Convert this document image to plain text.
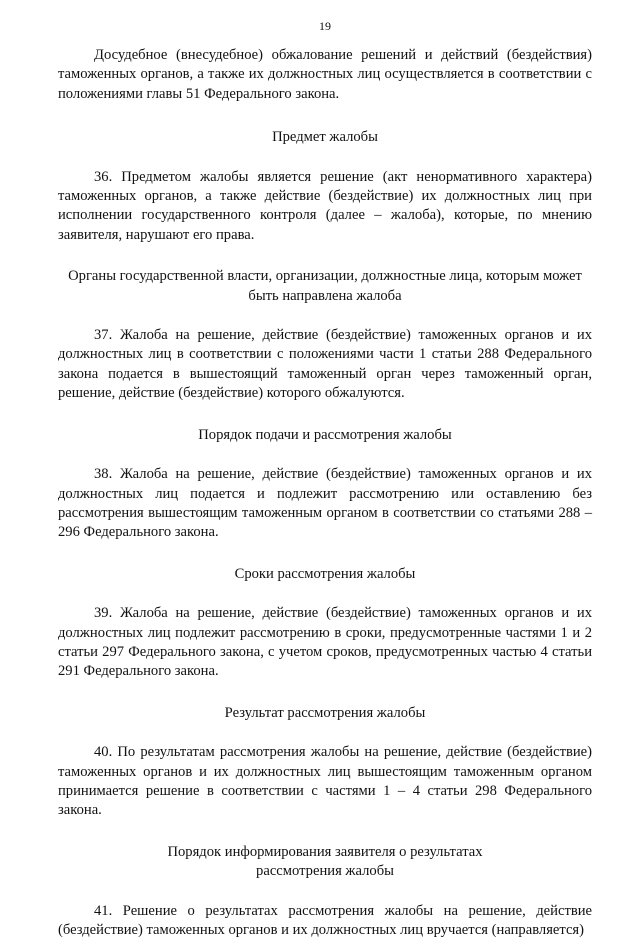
19

Досудебное (внесудебное) обжалование решений и действий (бездействия) таможенных органов, а также их должностных лиц осуществляется в соответствии с положениями главы 51 Федерального закона.

Предмет жалобы

36. Предметом жалобы является решение (акт ненормативного характера) таможенных органов, а также действие (бездействие) их должностных лиц при исполнении государственного контроля (далее – жалоба), которые, по мнению заявителя, нарушают его права.

Органы государственной власти, организации, должностные лица, которым может быть направлена жалоба

37. Жалоба на решение, действие (бездействие) таможенных органов и их должностных лиц в соответствии с положениями части 1 статьи 288 Федерального закона подается в вышестоящий таможенный орган через таможенный орган, решение, действие (бездействие) которого обжалуются.

Порядок подачи и рассмотрения жалобы

38. Жалоба на решение, действие (бездействие) таможенных органов и их должностных лиц подается и подлежит рассмотрению или оставлению без рассмотрения вышестоящим таможенным органом в соответствии со статьями 288 – 296 Федерального закона.

Сроки рассмотрения жалобы

39. Жалоба на решение, действие (бездействие) таможенных органов и их должностных лиц подлежит рассмотрению в сроки, предусмотренные частями 1 и 2 статьи 297 Федерального закона, с учетом сроков, предусмотренных частью 4 статьи 291 Федерального закона.

Результат рассмотрения жалобы

40. По результатам рассмотрения жалобы на решение, действие (бездействие) таможенных органов и их должностных лиц вышестоящим таможенным органом принимается решение в соответствии с частями 1 – 4 статьи 298 Федерального закона.

Порядок информирования заявителя о результатах
рассмотрения жалобы

41. Решение о результатах рассмотрения жалобы на решение, действие (бездействие) таможенных органов и их должностных лиц вручается (направляется)
